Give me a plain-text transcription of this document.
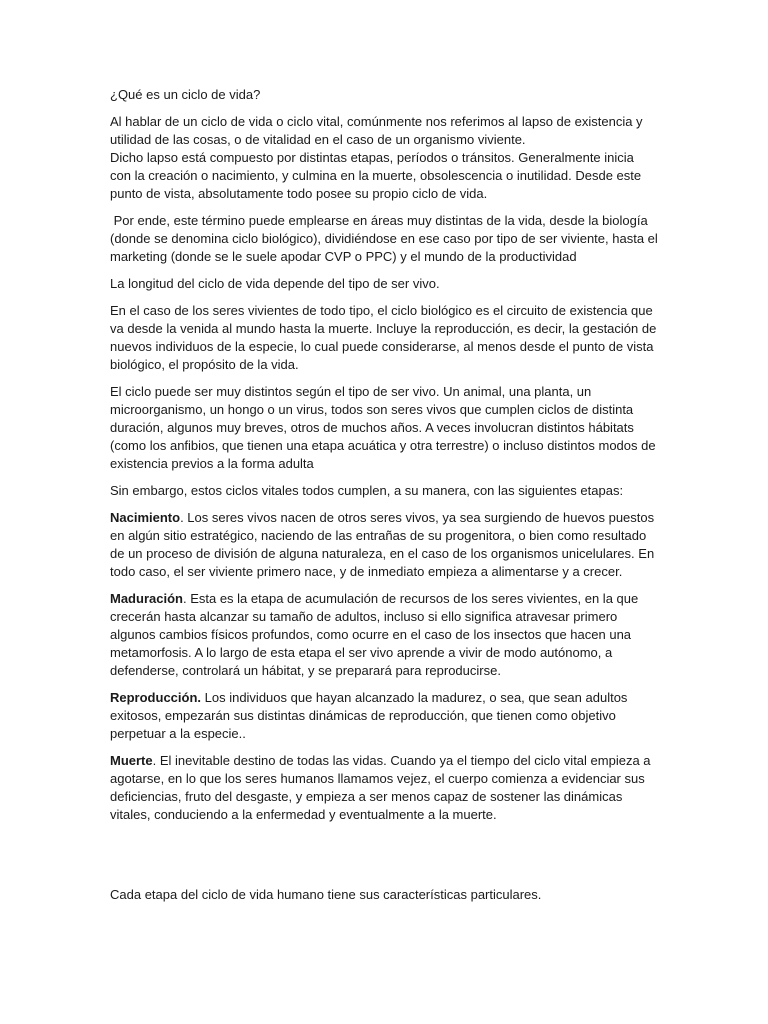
¿Qué es un ciclo de vida?

Al hablar de un ciclo de vida o ciclo vital, comúnmente nos referimos al lapso de existencia y utilidad de las cosas, o de vitalidad en el caso de un organismo viviente.
Dicho lapso está compuesto por distintas etapas, períodos o tránsitos. Generalmente inicia con la creación o nacimiento, y culmina en la muerte, obsolescencia o inutilidad. Desde este punto de vista, absolutamente todo posee su propio ciclo de vida.

Por ende, este término puede emplearse en áreas muy distintas de la vida, desde la biología (donde se denomina ciclo biológico), dividiéndose en ese caso por tipo de ser viviente, hasta el marketing (donde se le suele apodar CVP o PPC) y el mundo de la productividad

La longitud del ciclo de vida depende del tipo de ser vivo.

En el caso de los seres vivientes de todo tipo, el ciclo biológico es el circuito de existencia que va desde la venida al mundo hasta la muerte. Incluye la reproducción, es decir, la gestación de nuevos individuos de la especie, lo cual puede considerarse, al menos desde el punto de vista biológico, el propósito de la vida.

El ciclo puede ser muy distintos según el tipo de ser vivo. Un animal, una planta, un microorganismo, un hongo o un virus, todos son seres vivos que cumplen ciclos de distinta duración, algunos muy breves, otros de muchos años. A veces involucran distintos hábitats (como los anfibios, que tienen una etapa acuática y otra terrestre) o incluso distintos modos de existencia previos a la forma adulta

Sin embargo, estos ciclos vitales todos cumplen, a su manera, con las siguientes etapas:

Nacimiento. Los seres vivos nacen de otros seres vivos, ya sea surgiendo de huevos puestos en algún sitio estratégico, naciendo de las entrañas de su progenitora, o bien como resultado de un proceso de división de alguna naturaleza, en el caso de los organismos unicelulares. En todo caso, el ser viviente primero nace, y de inmediato empieza a alimentarse y a crecer.

Maduración. Esta es la etapa de acumulación de recursos de los seres vivientes, en la que crecerán hasta alcanzar su tamaño de adultos, incluso si ello significa atravesar primero algunos cambios físicos profundos, como ocurre en el caso de los insectos que hacen una metamorfosis. A lo largo de esta etapa el ser vivo aprende a vivir de modo autónomo, a defenderse, controlará un hábitat, y se preparará para reproducirse.

Reproducción. Los individuos que hayan alcanzado la madurez, o sea, que sean adultos exitosos, empezarán sus distintas dinámicas de reproducción, que tienen como objetivo perpetuar a la especie..

Muerte. El inevitable destino de todas las vidas. Cuando ya el tiempo del ciclo vital empieza a agotarse, en lo que los seres humanos llamamos vejez, el cuerpo comienza a evidenciar sus deficiencias, fruto del desgaste, y empieza a ser menos capaz de sostener las dinámicas vitales, conduciendo a la enfermedad y eventualmente a la muerte.

Cada etapa del ciclo de vida humano tiene sus características particulares.
